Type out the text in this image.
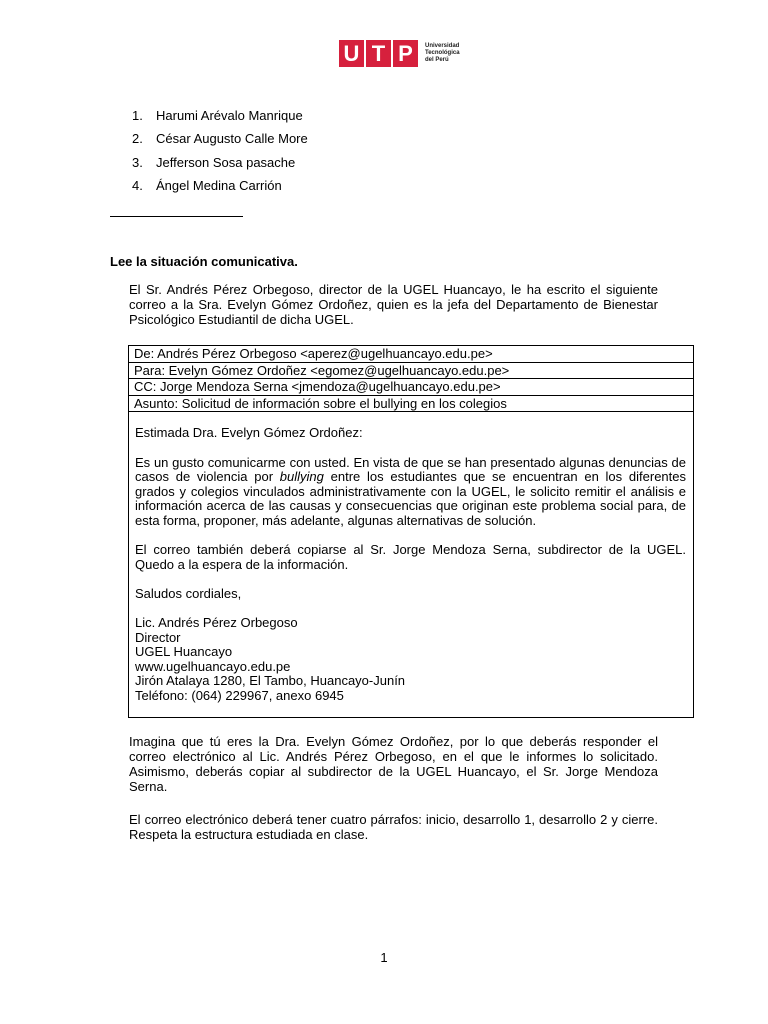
U T P	Universidad
Tecnológica
del Perú
1.	Harumi Arévalo Manrique
2.	César Augusto Calle More
3.	Jefferson Sosa pasache
4.	Ángel Medina Carrión
Lee la situación comunicativa.

El Sr. Andrés Pérez Orbegoso, director de la UGEL Huancayo, le ha escrito el siguiente correo a la Sra. Evelyn Gómez Ordoñez, quien es la jefa del Departamento de Bienestar Psicológico Estudiantil de dicha UGEL.

De: Andrés Pérez Orbegoso <aperez@ugelhuancayo.edu.pe>
Para: Evelyn Gómez Ordoñez <egomez@ugelhuancayo.edu.pe>
CC: Jorge Mendoza Serna <jmendoza@ugelhuancayo.edu.pe>
Asunto: Solicitud de información sobre el bullying en los colegios

Estimada Dra. Evelyn Gómez Ordoñez:

Es un gusto comunicarme con usted. En vista de que se han presentado algunas denuncias de casos de violencia por bullying entre los estudiantes que se encuentran en los diferentes grados y colegios vinculados administrativamente con la UGEL, le solicito remitir el análisis e información acerca de las causas y consecuencias que originan este problema social para, de esta forma, proponer, más adelante, algunas alternativas de solución.

El correo también deberá copiarse al Sr. Jorge Mendoza Serna, subdirector de la UGEL. Quedo a la espera de la información.

Saludos cordiales,

Lic. Andrés Pérez Orbegoso
Director
UGEL Huancayo
www.ugelhuancayo.edu.pe
Jirón Atalaya 1280, El Tambo, Huancayo-Junín
Teléfono: (064) 229967, anexo 6945

Imagina que tú eres la Dra. Evelyn Gómez Ordoñez, por lo que deberás responder el correo electrónico al Lic. Andrés Pérez Orbegoso, en el que le informes lo solicitado. Asimismo, deberás copiar al subdirector de la UGEL Huancayo, el Sr. Jorge Mendoza Serna.

El correo electrónico deberá tener cuatro párrafos: inicio, desarrollo 1, desarrollo 2 y cierre. Respeta la estructura estudiada en clase.

1
